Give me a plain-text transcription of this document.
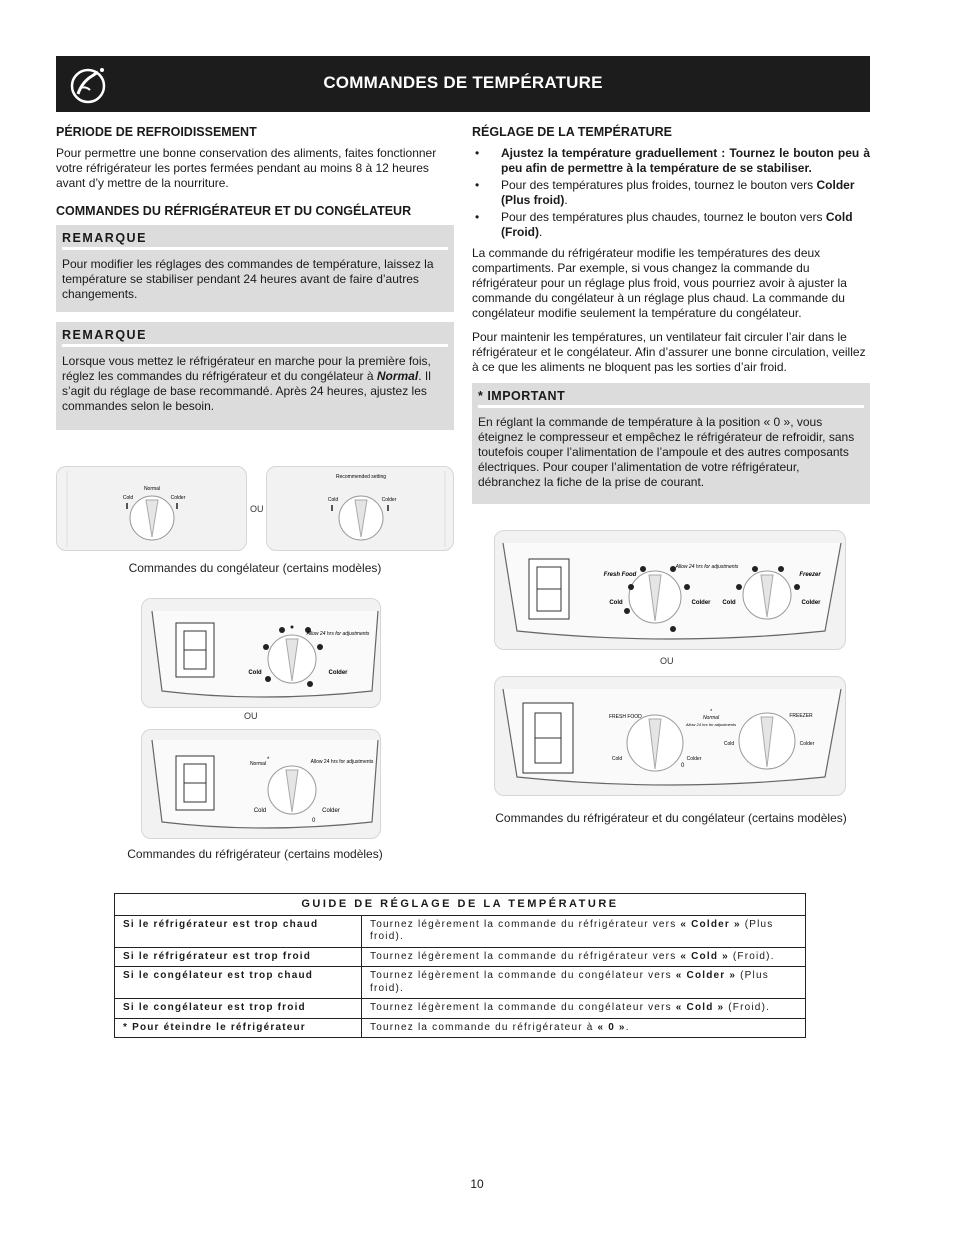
COMMANDES DE TEMPÉRATURE
PÉRIODE DE REFROIDISSEMENT

Pour permettre une bonne conservation des aliments, faites fonctionner votre réfrigérateur les portes fermées pendant au moins 8 à 12 heures avant d’y mettre de la nourriture.

COMMANDES DU RÉFRIGÉRATEUR ET DU CONGÉLATEUR
REMARQUE
Pour modifier les réglages des commandes de température, laissez la température se stabiliser pendant 24 heures avant de faire d’autres changements.
REMARQUE
Lorsque vous mettez le réfrigérateur en marche pour la première fois, réglez les commandes du réfrigérateur et du congélateur à Normal. Il s’agit du réglage de base recommandé. Après 24 heures, ajustez les commandes selon le besoin.
RÉGLAGE DE LA TEMPÉRATURE
• Ajustez la température graduellement : Tournez le bouton peu à peu afin de permettre à la température de se stabiliser.
• Pour des températures plus froides, tournez le bouton vers Colder (Plus froid).
• Pour des températures plus chaudes, tournez le bouton vers Cold (Froid).

La commande du réfrigérateur modifie les températures des deux compartiments. Par exemple, si vous changez la commande du réfrigérateur pour un réglage plus froid, vous pourriez avoir à ajuster la commande du congélateur à un réglage plus chaud. La commande du congélateur modifie seulement la température du congélateur.

Pour maintenir les températures, un ventilateur fait circuler l’air dans le réfrigérateur et le congélateur. Afin d’assurer une bonne circulation, veillez à ce que les aliments ne bloquent pas les sorties d’air froid.

* IMPORTANT
En réglant la commande de température à la position « 0 », vous éteignez le compresseur et empêchez le réfrigérateur de refroidir, sans toutefois couper l’alimentation de l’ampoule et des autres composants électriques. Pour couper l’alimentation de votre réfrigérateur, débranchez la fiche de la prise de courant.
Normal
Cold	Colder
OU
Recommended setting
Cold	Colder
Commandes du congélateur (certains modèles)
Allow 24 hrs for adjustments
Cold	Colder
OU
Normal
*	Allow 24 hrs for adjustments
Cold	Colder
0
Commandes du réfrigérateur (certains modèles)
Fresh Food
Allow 24 hrs for adjustments
Freezer
Cold	Colder Cold	Colder
OU
FRESH FOOD
*
Normal
Allow 24 hrs for adjustments
FREEZER
Cold	Colder
0
Cold	Colder
Commandes du réfrigérateur et du congélateur (certains modèles)
GUIDE DE RÉGLAGE DE LA TEMPÉRATURE	
Si le réfrigérateur est trop chaud	Tournez légèrement la commande du réfrigérateur vers « Colder » (Plus froid).
Si le réfrigérateur est trop froid	Tournez légèrement la commande du réfrigérateur vers « Cold » (Froid).
Si le congélateur est trop chaud	Tournez légèrement la commande du congélateur vers « Colder » (Plus froid).
Si le congélateur est trop froid	Tournez légèrement la commande du congélateur vers « Cold » (Froid).
* Pour éteindre le réfrigérateur	Tournez la commande du réfrigérateur à « 0 ».
10
